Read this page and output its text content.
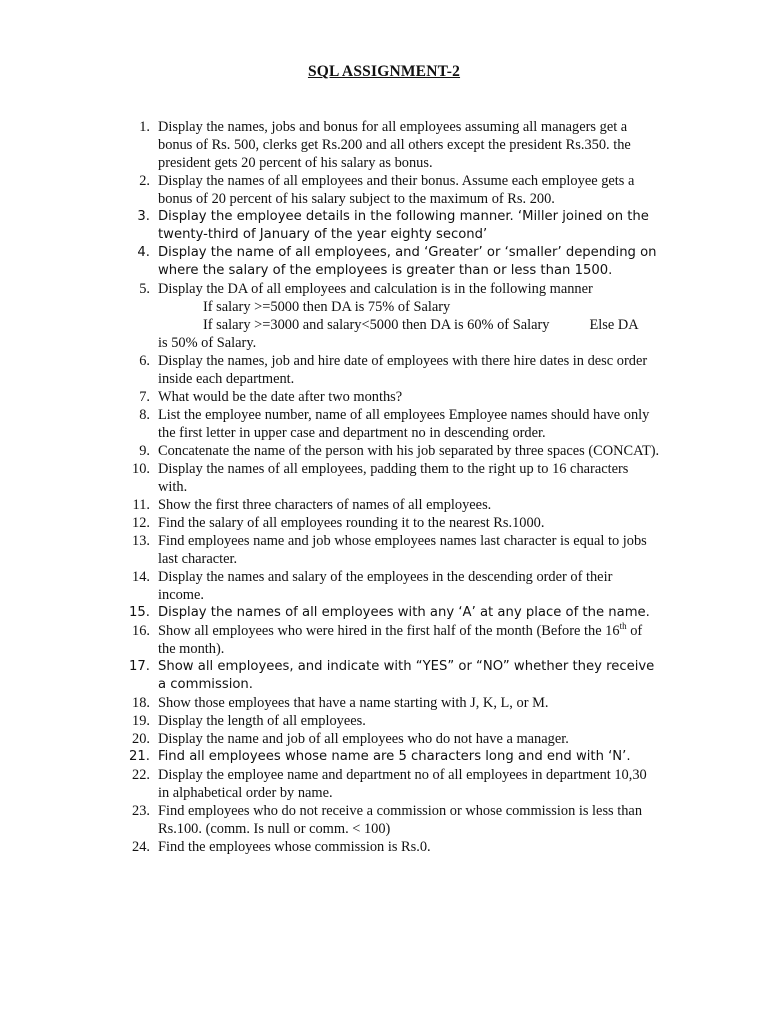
SQL ASSIGNMENT-2
1. Display the names, jobs and bonus for all employees assuming all managers get a bonus of Rs. 500, clerks get Rs.200 and all others except the president Rs.350. the president gets 20 percent of his salary as bonus.
2. Display the names of all employees and their bonus. Assume each employee gets a bonus of 20 percent of his salary subject to the maximum of Rs. 200.
3. Display the employee details in the following manner. ‘Miller joined on the twenty-third of January of the year eighty second’
4. Display the name of all employees, and ‘Greater’ or ‘smaller’ depending on where the salary of the employees is greater than or less than 1500.
5. Display the DA of all employees and calculation is in the following manner
If salary >=5000 then DA is 75% of Salary
If salary >=3000 and salary<5000 then DA is 60% of Salary	Else DA
is 50% of Salary.
6. Display the names, job and hire date of employees with there hire dates in desc order inside each department.
7. What would be the date after two months?
8. List the employee number, name of all employees Employee names should have only the first letter in upper case and department no in descending order.
9. Concatenate the name of the person with his job separated by three spaces (CONCAT).
10. Display the names of all employees, padding them to the right up to 16 characters with.
11. Show the first three characters of names of all employees.
12. Find the salary of all employees rounding it to the nearest Rs.1000.
13. Find employees name and job whose employees names last character is equal to jobs last character.
14. Display the names and salary of the employees in the descending order of their income.
15. Display the names of all employees with any ‘A’ at any place of the name.
16. Show all employees who were hired in the first half of the month (Before the 16th of the month).
17. Show all employees, and indicate with “YES” or “NO” whether they receive a commission.
18. Show those employees that have a name starting with J, K, L, or M.
19. Display the length of all employees.
20. Display the name and job of all employees who do not have a manager.
21. Find all employees whose name are 5 characters long and end with ‘N’.
22. Display the employee name and department no of all employees in department 10,30 in alphabetical order by name.
23. Find employees who do not receive a commission or whose commission is less than Rs.100. (comm. Is null or comm. < 100)
24. Find the employees whose commission is Rs.0.
